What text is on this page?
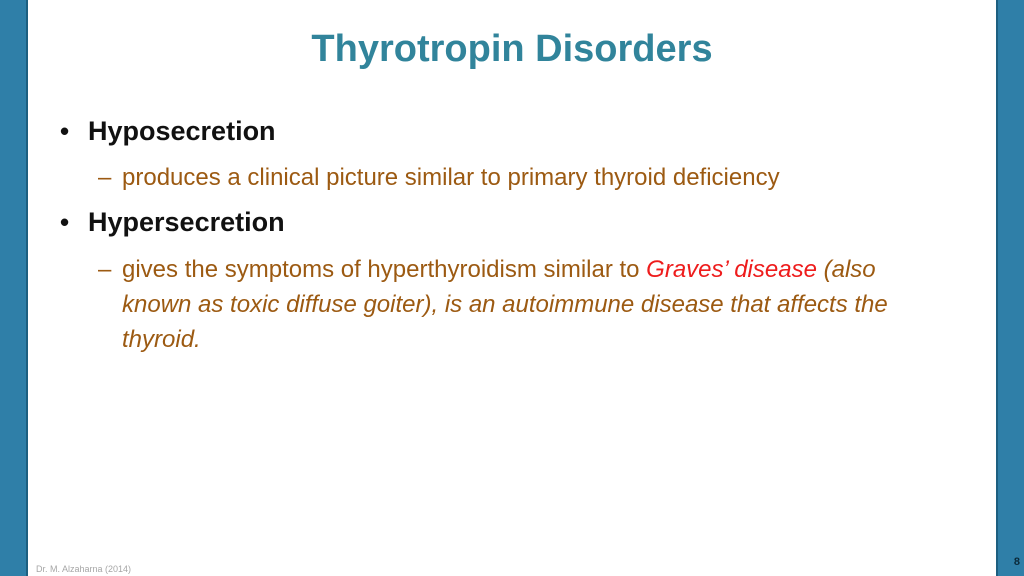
Thyrotropin Disorders
• Hyposecretion
– produces a clinical picture similar to primary thyroid deficiency
• Hypersecretion
– gives the symptoms of hyperthyroidism similar to Graves’ disease (also known as toxic diffuse goiter), is an autoimmune disease that affects the thyroid.
Dr. M. Alzaharna (2014)
8
